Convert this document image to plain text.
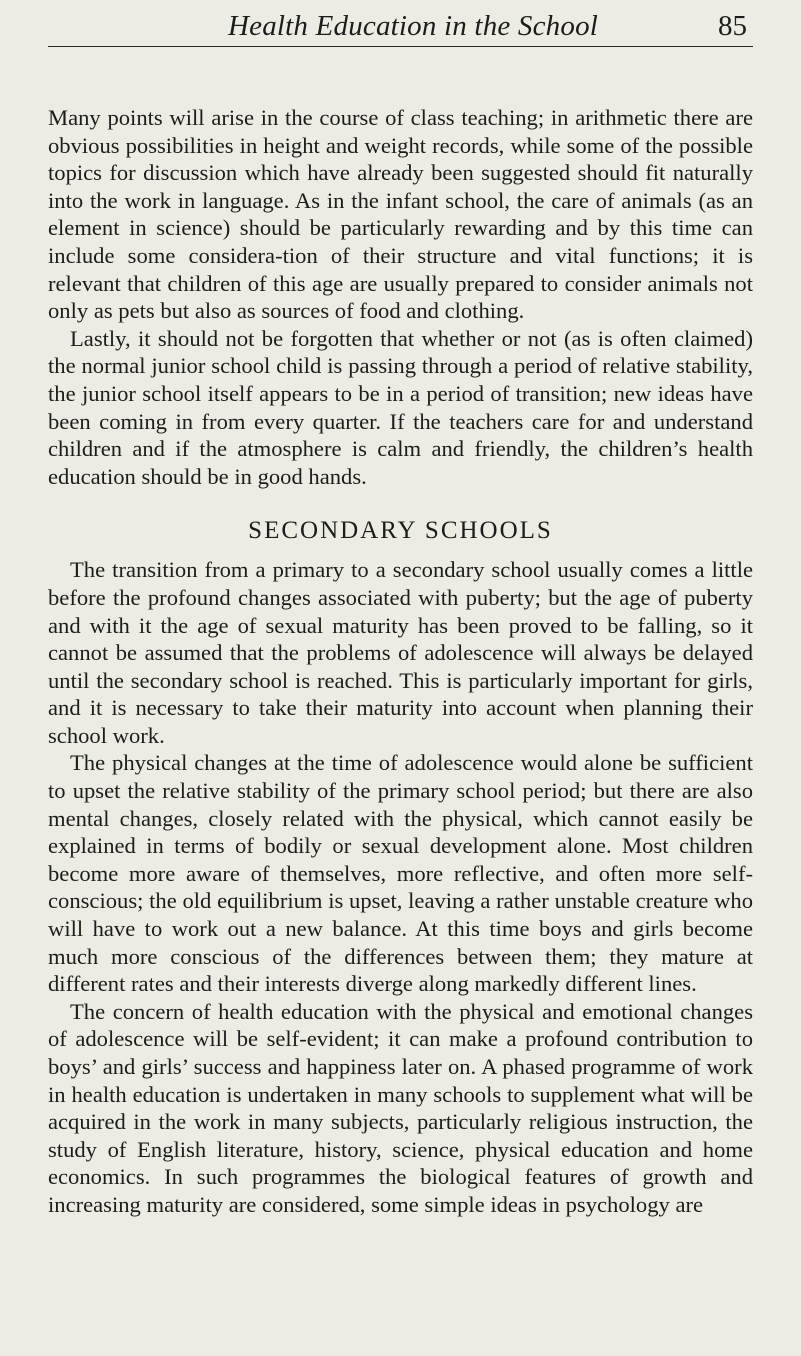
Health Education in the School	85

Many points will arise in the course of class teaching; in arithmetic there are obvious possibilities in height and weight records, while some of the possible topics for discussion which have already been suggested should fit naturally into the work in language. As in the infant school, the care of animals (as an element in science) should be particularly rewarding and by this time can include some considera-tion of their structure and vital functions; it is relevant that children of this age are usually prepared to consider animals not only as pets but also as sources of food and clothing.

Lastly, it should not be forgotten that whether or not (as is often claimed) the normal junior school child is passing through a period of relative stability, the junior school itself appears to be in a period of transition; new ideas have been coming in from every quarter. If the teachers care for and understand children and if the atmosphere is calm and friendly, the children’s health education should be in good hands.

SECONDARY SCHOOLS

The transition from a primary to a secondary school usually comes a little before the profound changes associated with puberty; but the age of puberty and with it the age of sexual maturity has been proved to be falling, so it cannot be assumed that the problems of adolescence will always be delayed until the secondary school is reached. This is particularly important for girls, and it is necessary to take their maturity into account when planning their school work.

The physical changes at the time of adolescence would alone be sufficient to upset the relative stability of the primary school period; but there are also mental changes, closely related with the physical, which cannot easily be explained in terms of bodily or sexual development alone. Most children become more aware of themselves, more reflective, and often more self-conscious; the old equilibrium is upset, leaving a rather unstable creature who will have to work out a new balance. At this time boys and girls become much more conscious of the differences between them; they mature at different rates and their interests diverge along markedly different lines.

The concern of health education with the physical and emotional changes of adolescence will be self-evident; it can make a profound contribution to boys’ and girls’ success and happiness later on. A phased programme of work in health education is undertaken in many schools to supplement what will be acquired in the work in many subjects, particularly religious instruction, the study of English literature, history, science, physical education and home economics. In such programmes the biological features of growth and increasing maturity are considered, some simple ideas in psychology are
